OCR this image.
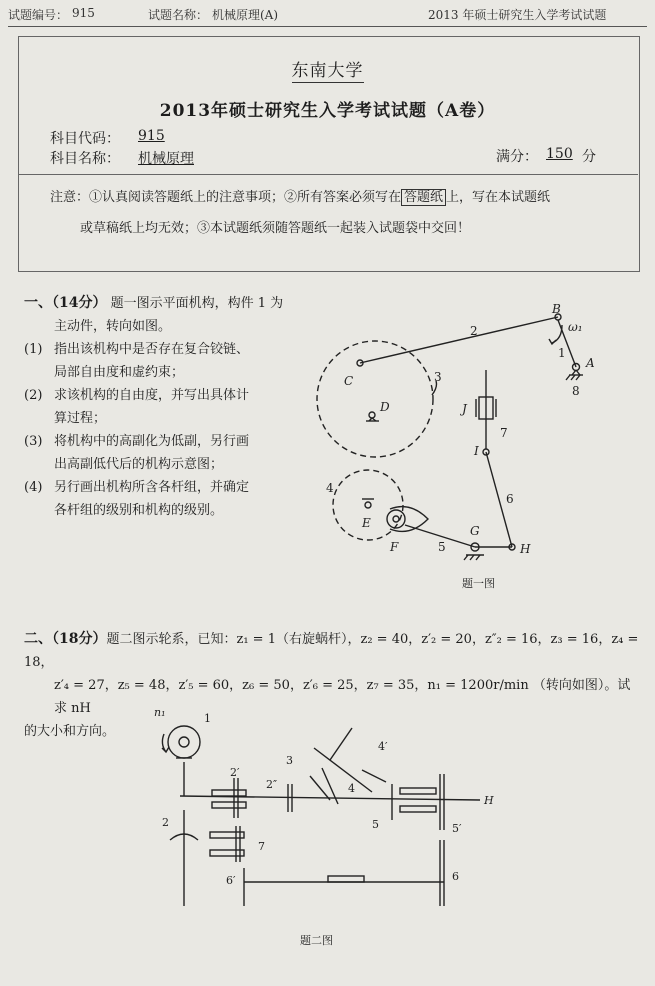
试题编号： 915	试题名称： 机械原理(A)	2013 年硕士研究生入学考试试题
东南大学
2013年硕士研究生入学考试试题（A卷）
科目代码： 915
科目名称： 机械原理	满分： 150 分
注意：①认真阅读答题纸上的注意事项；②所有答案必须写在 答题纸 上，写在本试题纸
或草稿纸上均无效；③本试题纸须随答题纸一起装入试题袋中交回！
一、（14分） 题一图示平面机构，构件 1 为
主动件，转向如图。
(1) 指出该机构中是否存在复合铰链、
局部自由度和虚约束；
(2) 求该机构的自由度，并写出具体计
算过程；
(3) 将机构中的高副化为低副，另行画
出高副低代后的机构示意图；
(4) 另行画出机构所含各杆组，并确定
各杆组的级别和机构的级别。
B
ω₁
1
A
8
2
C	3
D	J
7
I
6
4
E
F	5
G
H
题一图
二、（18分）题二图示轮系，已知：z₁ = 1（右旋蜗杆），z₂ = 40，z′₂ = 20，z″₂ = 16，z₃ = 16，z₄ = 18，
z′₄ = 27，z₅ = 48，z′₅ = 60，z₆ = 50，z′₆ = 25，z₇ = 35，n₁ = 1200r/min （转向如图）。试求 nH
的大小和方向。
n₁	1
2′
2″
3
4′
4
2
7
6′
5	5′
6
H
题二图
